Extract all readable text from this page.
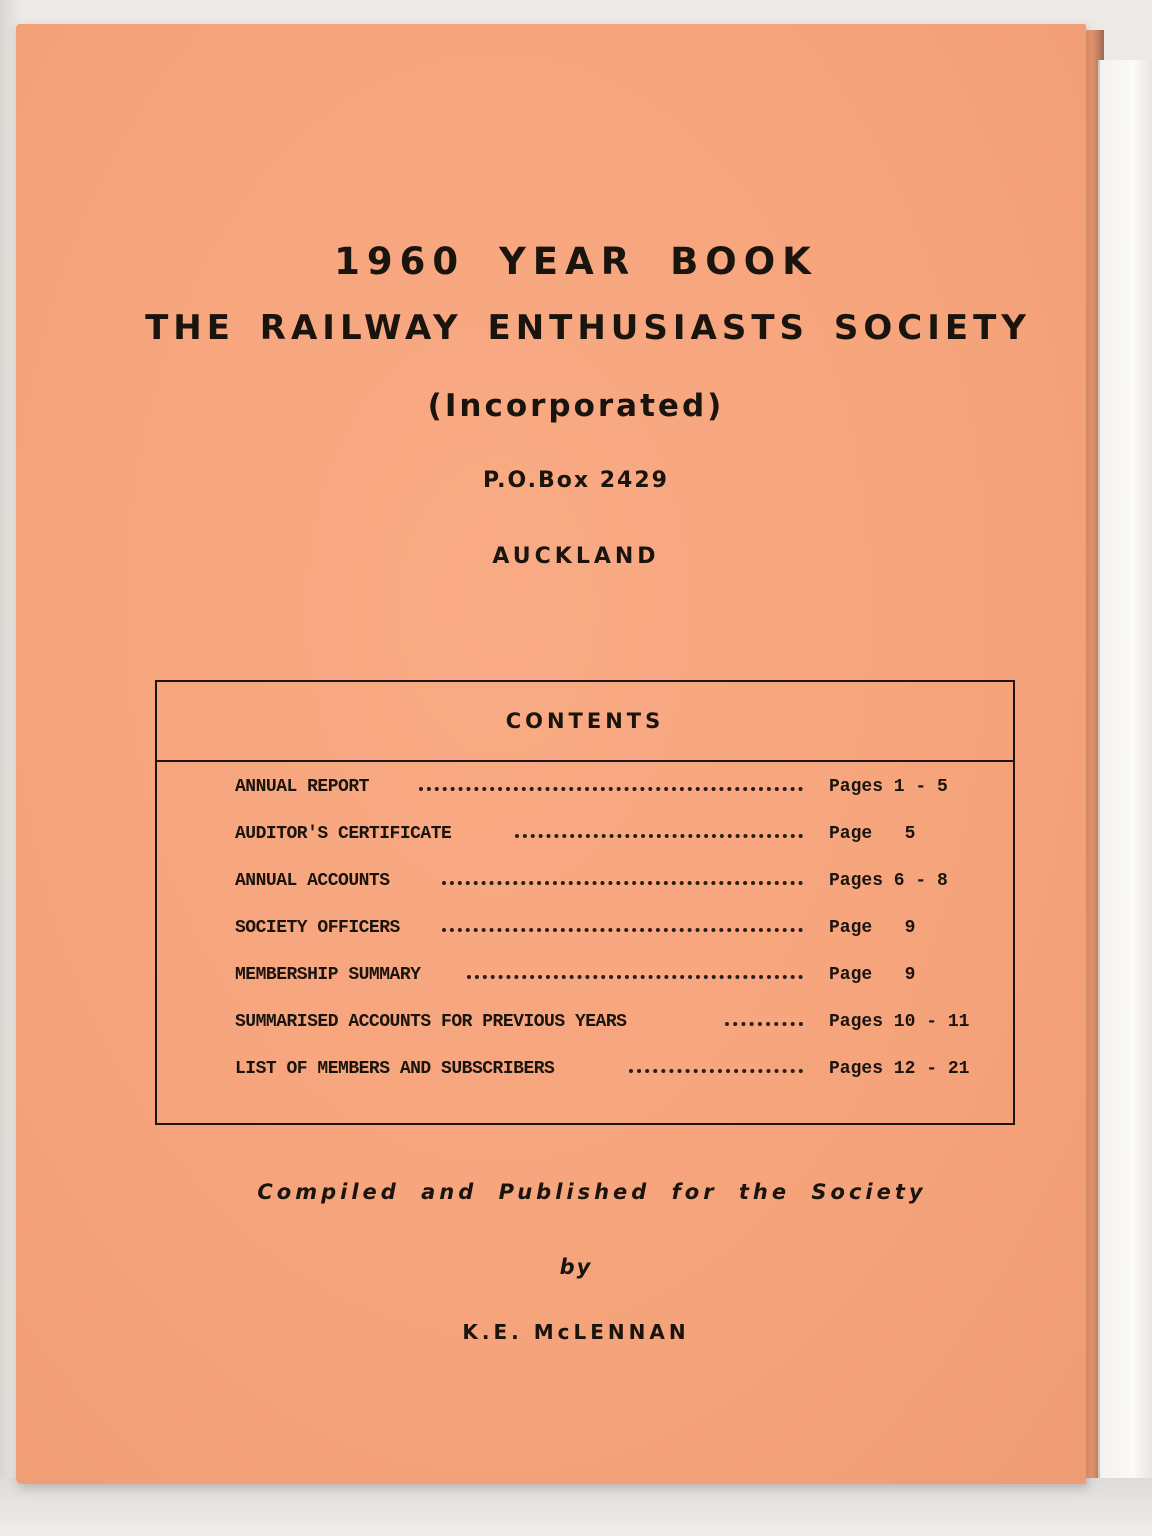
1960 YEAR BOOK
THE RAILWAY ENTHUSIASTS SOCIETY
(Incorporated)
P.O.Box 2429
AUCKLAND
CONTENTS
ANNUAL REPORT	Pages 1 - 5
AUDITOR'S CERTIFICATE	Page   5
ANNUAL ACCOUNTS	Pages 6 - 8
SOCIETY OFFICERS	Page   9
MEMBERSHIP SUMMARY	Page   9
SUMMARISED ACCOUNTS FOR PREVIOUS YEARS	Pages 10 - 11
LIST OF MEMBERS AND SUBSCRIBERS	Pages 12 - 21
Compiled and Published for the Society
by
K.E. McLENNAN
